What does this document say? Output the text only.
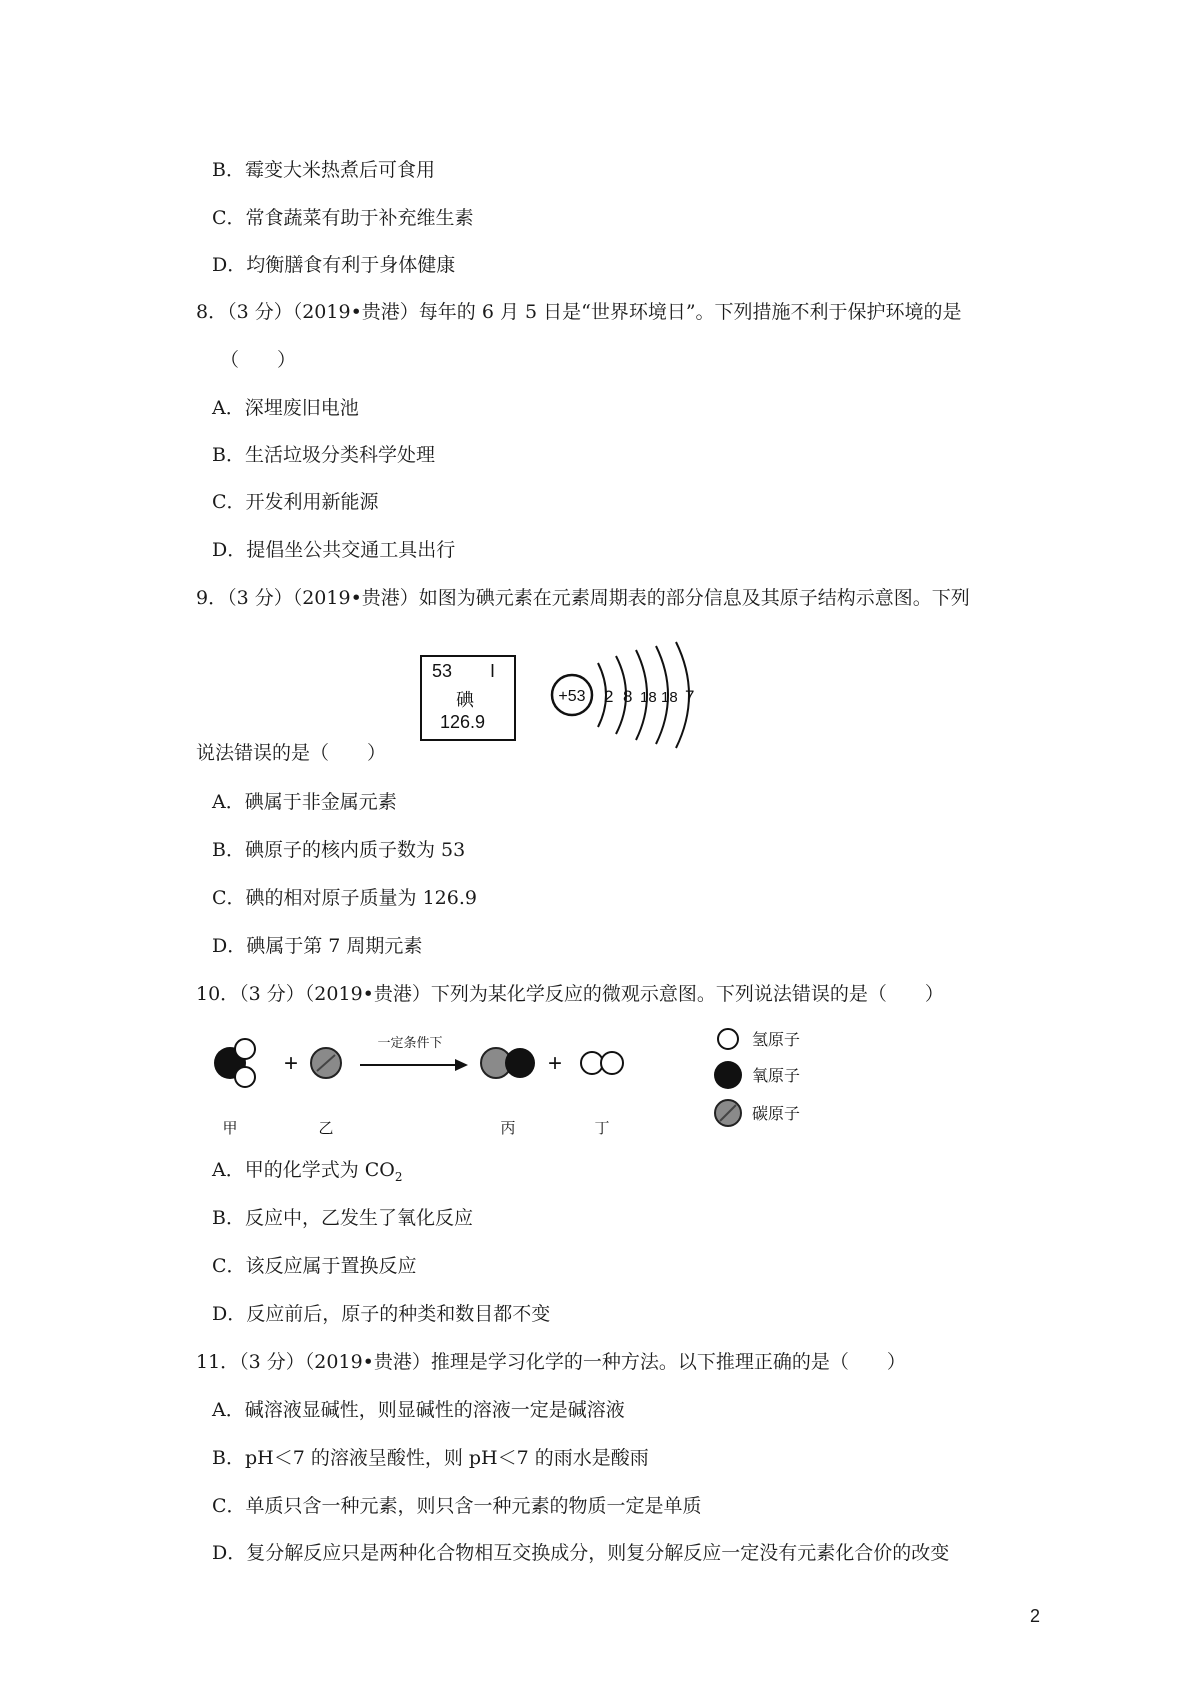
B．霉变大米热煮后可食用
C．常食蔬菜有助于补充维生素
D．均衡膳食有利于身体健康
8．（3 分）（2019•贵港）每年的 6 月 5 日是“世界环境日”。下列措施不利于保护环境的是
（　　）
A．深埋废旧电池
B．生活垃圾分类科学处理
C．开发利用新能源
D．提倡坐公共交通工具出行
9．（3 分）（2019•贵港）如图为碘元素在元素周期表的部分信息及其原子结构示意图。下列
53 I
碘
126.9
+53 2 8 18 18 7
说法错误的是（　　）
A．碘属于非金属元素
B．碘原子的核内质子数为 53
C．碘的相对原子质量为 126.9
D．碘属于第 7 周期元素
10．（3 分）（2019•贵港）下列为某化学反应的微观示意图。下列说法错误的是（　　）
+
一定条件下
+
甲	乙	丙	丁
氢原子
氧原子
碳原子
A．甲的化学式为 $CO_2$
B．反应中，乙发生了氧化反应
C．该反应属于置换反应
D．反应前后，原子的种类和数目都不变
11．（3 分）（2019•贵港）推理是学习化学的一种方法。以下推理正确的是（　　）
A．碱溶液显碱性，则显碱性的溶液一定是碱溶液
B．pH＜7 的溶液呈酸性，则 pH＜7 的雨水是酸雨
C．单质只含一种元素，则只含一种元素的物质一定是单质
D．复分解反应只是两种化合物相互交换成分，则复分解反应一定没有元素化合价的改变
2
